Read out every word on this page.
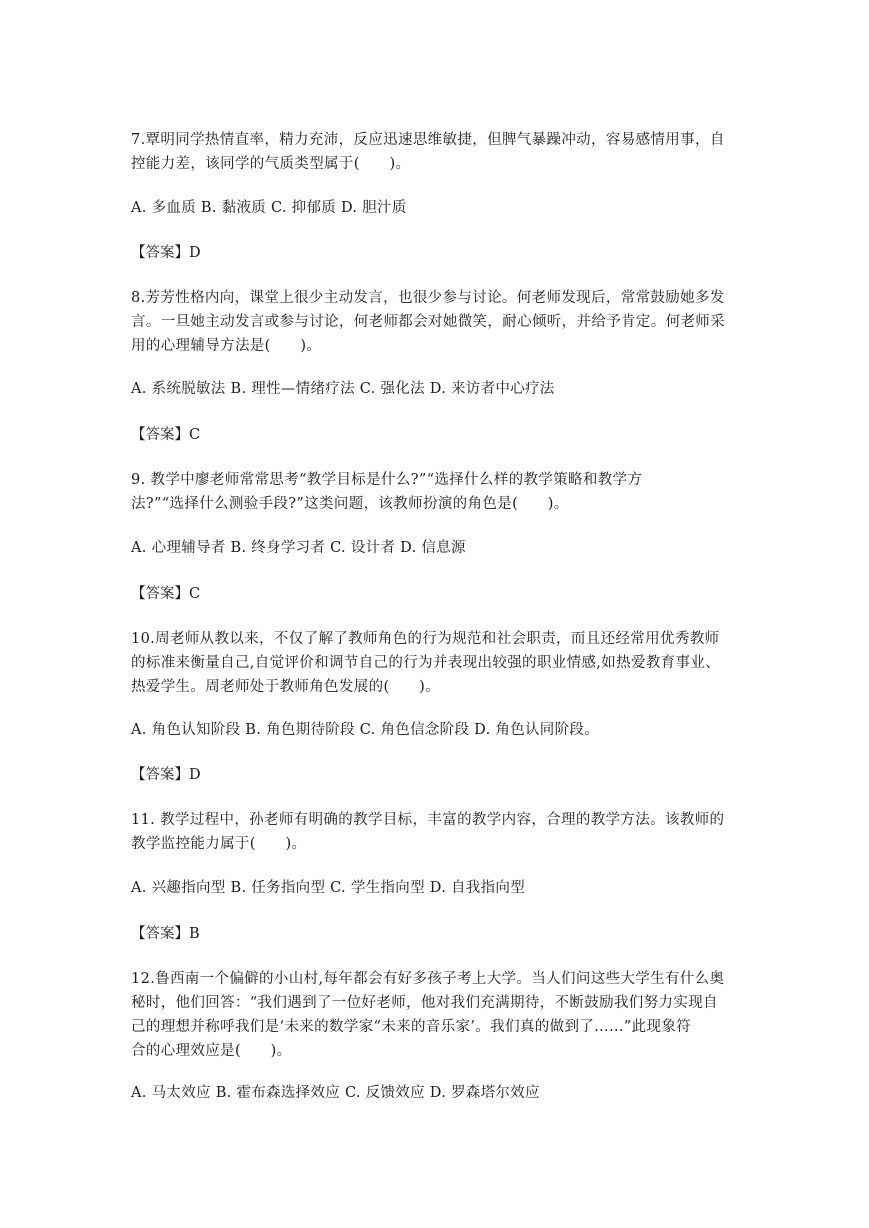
7.覃明同学热情直率，精力充沛，反应迅速思维敏捷，但脾气暴躁冲动，容易感情用事，自

控能力差，该同学的气质类型属于(　　)。

A. 多血质 B. 黏液质 C. 抑郁质 D. 胆汁质

【答案】D

8.芳芳性格内向，课堂上很少主动发言，也很少参与讨论。何老师发现后，常常鼓励她多发

言。一旦她主动发言或参与讨论，何老师都会对她微笑，耐心倾听，并给予肯定。何老师采

用的心理辅导方法是(　　)。

A. 系统脱敏法 B. 理性—情绪疗法 C. 强化法 D. 来访者中心疗法

【答案】C

9. 教学中廖老师常常思考“教学目标是什么?”“选择什么样的教学策略和教学方

法?”“选择什么测验手段?”这类问题，该教师扮演的角色是(　　)。

A. 心理辅导者 B. 终身学习者 C. 设计者 D. 信息源

【答案】C

10.周老师从教以来，不仅了解了教师角色的行为规范和社会职责，而且还经常用优秀教师

的标准来衡量自己,自觉评价和调节自己的行为并表现出较强的职业情感,如热爱教育事业、

热爱学生。周老师处于教师角色发展的(　　)。

A. 角色认知阶段 B. 角色期待阶段 C. 角色信念阶段 D. 角色认同阶段。

【答案】D

11. 教学过程中，孙老师有明确的教学目标，丰富的教学内容，合理的教学方法。该教师的

教学监控能力属于(　　)。

A. 兴趣指向型 B. 任务指向型 C. 学生指向型 D. 自我指向型

【答案】B

12.鲁西南一个偏僻的小山村,每年都会有好多孩子考上大学。当人们问这些大学生有什么奥

秘时，他们回答：“我们遇到了一位好老师，他对我们充满期待，不断鼓励我们努力实现自

己的理想并称呼我们是‘未来的数学家“未来的音乐家’。我们真的做到了……”此现象符

合的心理效应是(　　)。

A. 马太效应 B. 霍布森选择效应 C. 反馈效应 D. 罗森塔尔效应
